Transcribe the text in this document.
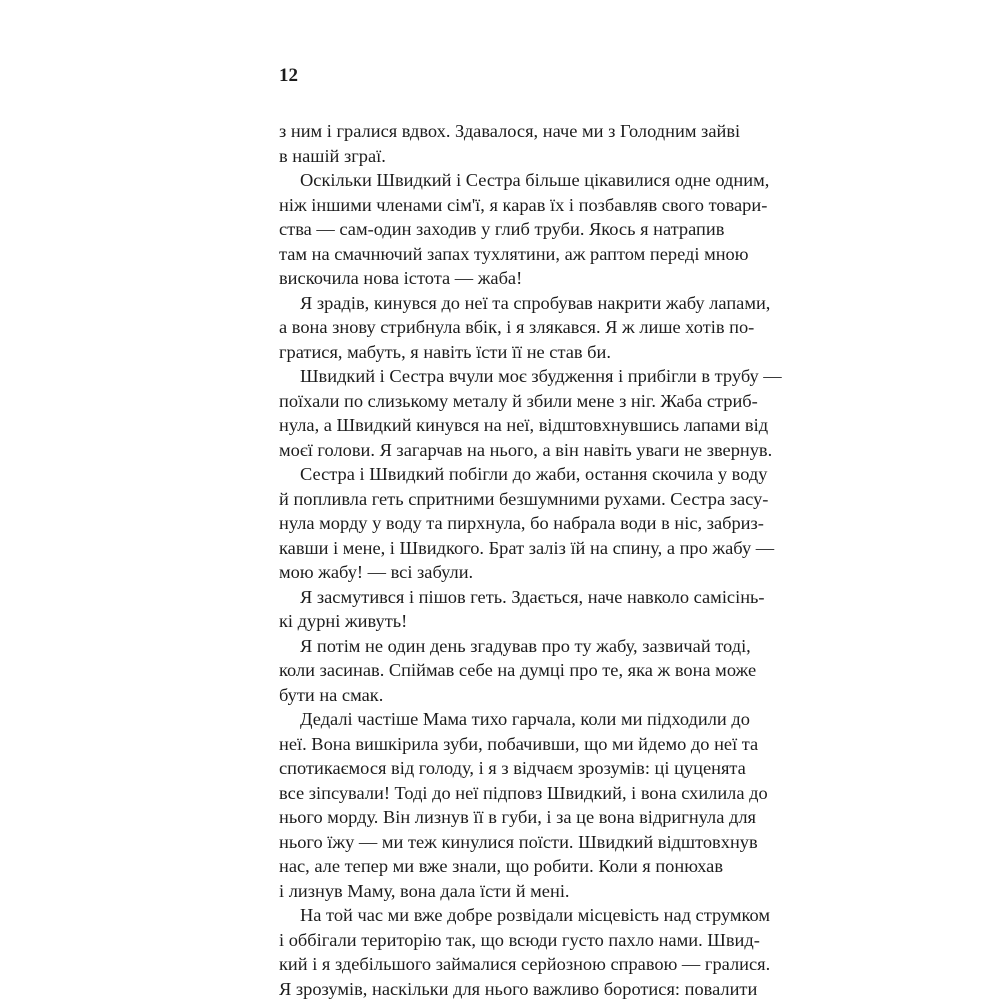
12
з ним і гралися вдвох. Здавалося, наче ми з Голодним зайві
в нашій зграї.
Оскільки Швидкий і Сестра більше цікавилися одне одним,
ніж іншими членами сім'ї, я карав їх і позбавляв свого товари-
ства — сам-один заходив у глиб труби. Якось я натрапив
там на смачнючий запах тухлятини, аж раптом переді мною
вискочила нова істота — жаба!
Я зрадів, кинувся до неї та спробував накрити жабу лапами,
а вона знову стрибнула вбік, і я злякався. Я ж лише хотів по-
гратися, мабуть, я навіть їсти її не став би.
Швидкий і Сестра вчули моє збудження і прибігли в трубу —
поїхали по слизькому металу й збили мене з ніг. Жаба стриб-
нула, а Швидкий кинувся на неї, відштовхнувшись лапами від
моєї голови. Я загарчав на нього, а він навіть уваги не звернув.
Сестра і Швидкий побігли до жаби, остання скочила у воду
й попливла геть спритними безшумними рухами. Сестра засу-
нула морду у воду та пирхнула, бо набрала води в ніс, забриз-
кавши і мене, і Швидкого. Брат заліз їй на спину, а про жабу —
мою жабу! — всі забули.
Я засмутився і пішов геть. Здається, наче навколо самісінь-
кі дурні живуть!
Я потім не один день згадував про ту жабу, зазвичай тоді,
коли засинав. Спіймав себе на думці про те, яка ж вона може
бути на смак.
Дедалі частіше Мама тихо гарчала, коли ми підходили до
неї. Вона вишкірила зуби, побачивши, що ми йдемо до неї та
спотикаємося від голоду, і я з відчаєм зрозумів: ці цуценята
все зіпсували! Тоді до неї підповз Швидкий, і вона схилила до
нього морду. Він лизнув її в губи, і за це вона відригнула для
нього їжу — ми теж кинулися поїсти. Швидкий відштовхнув
нас, але тепер ми вже знали, що робити. Коли я понюхав
і лизнув Маму, вона дала їсти й мені.
На той час ми вже добре розвідали місцевість над струмком
і оббігали територію так, що всюди густо пахло нами. Швид-
кий і я здебільшого займалися серйозною справою — гралися.
Я зрозумів, наскільки для нього важливо боротися: повалити
